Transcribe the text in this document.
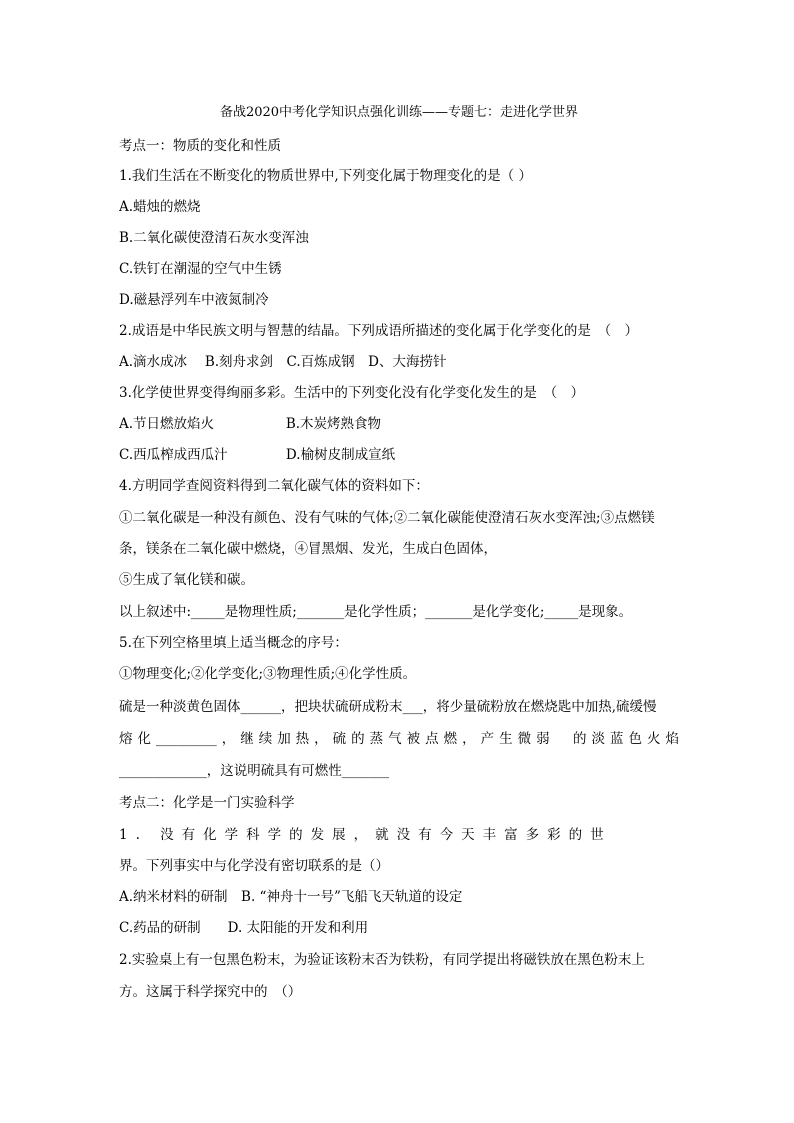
备战2020中考化学知识点强化训练——专题七：走进化学世界
考点一：物质的变化和性质
1.我们生活在不断变化的物质世界中,下列变化属于物理变化的是（ ）
A.蜡烛的燃烧
B.二氧化碳使澄清石灰水变浑浊
C.铁钉在潮湿的空气中生锈
D.磁悬浮列车中液氮制冷
2.成语是中华民族文明与智慧的结晶。下列成语所描述的变化属于化学变化的是　（　）
A.滴水成冰　 B.刻舟求剑　C.百炼成钢　D、大海捞针
3.化学使世界变得绚丽多彩。生活中的下列变化没有化学变化发生的是　（　）
A.节日燃放焰火　　　　　 B.木炭烤熟食物
C.西瓜榨成西瓜汁　　　　 D.榆树皮制成宣纸
4.方明同学查阅资料得到二氧化碳气体的资料如下：
①二氧化碳是一种没有颜色、没有气味的气体;②二氧化碳能使澄清石灰水变浑浊;③点燃镁
条，镁条在二氧化碳中燃烧，④冒黑烟、发光，生成白色固体，
⑤生成了氧化镁和碳。
以上叙述中:_____是物理性质;_______是化学性质；_______是化学变化;_____是现象。
5.在下列空格里填上适当概念的序号：
①物理变化;②化学变化;③物理性质;④化学性质。
硫是一种淡黄色固体______，把块状硫研成粉末___，将少量硫粉放在燃烧匙中加热,硫缓慢
熔化_________，继续加热，硫的蒸气被点燃，产生微弱　的淡蓝色火焰
_____________，这说明硫具有可燃性_______
考点二：化学是一门实验科学
1. 没有化学科学的发展，就没有今天丰富多彩的世
界。下列事实中与化学没有密切联系的是（）
A.纳米材料的研制　B. “神舟十一号”飞船飞天轨道的设定
C.药品的研制　　D. 太阳能的开发和利用
2.实验桌上有一包黑色粉末，为验证该粉末否为铁粉，有同学提出将磁铁放在黑色粉末上
方。这属于科学探究中的　（）
